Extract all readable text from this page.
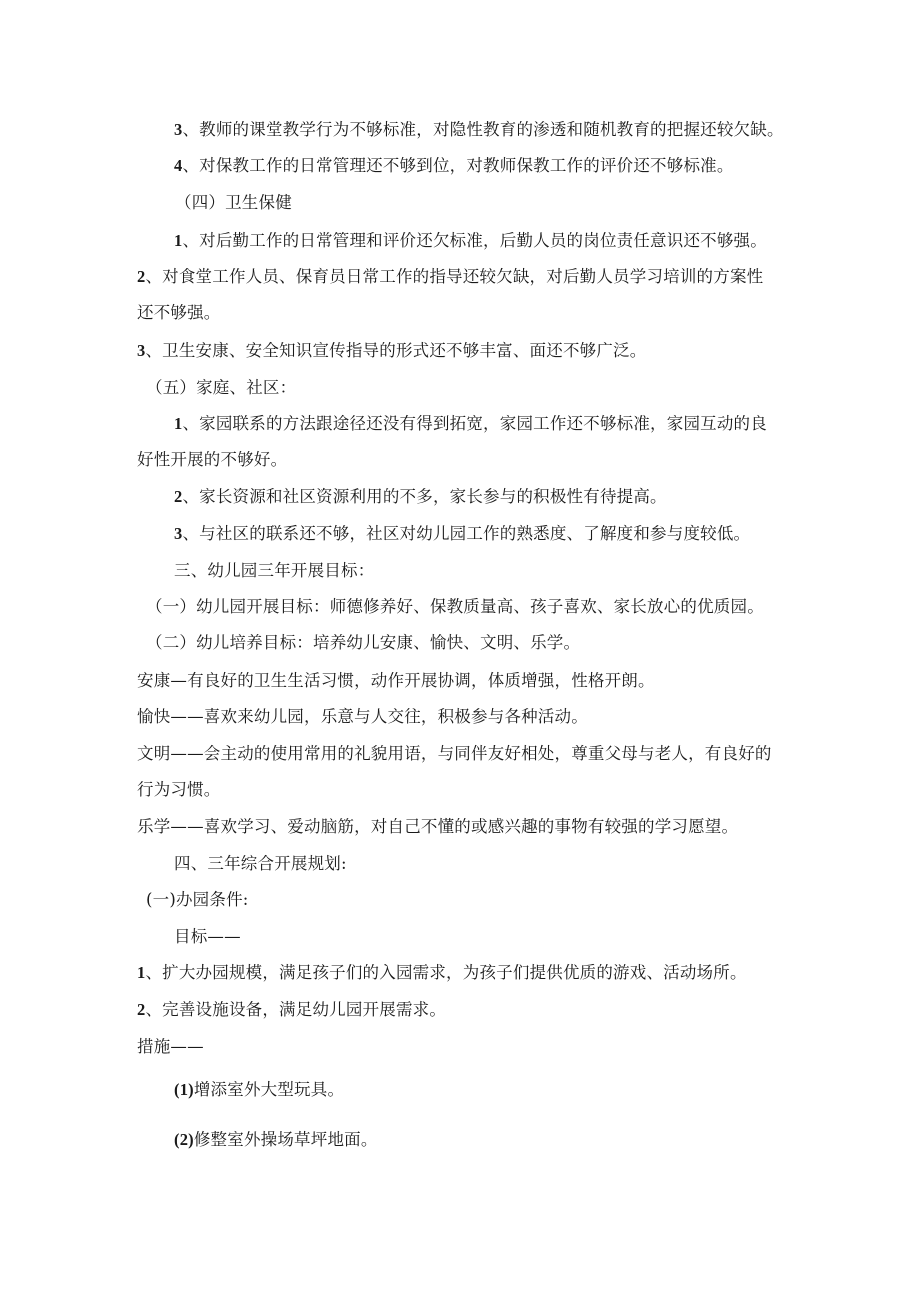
3、教师的课堂教学行为不够标准，对隐性教育的渗透和随机教育的把握还较欠缺。
4、对保教工作的日常管理还不够到位，对教师保教工作的评价还不够标准。
（四）卫生保健
1、对后勤工作的日常管理和评价还欠标准，后勤人员的岗位责任意识还不够强。
2、对食堂工作人员、保育员日常工作的指导还较欠缺，对后勤人员学习培训的方案性
还不够强。
3、卫生安康、安全知识宣传指导的形式还不够丰富、面还不够广泛。
（五）家庭、社区：
1、家园联系的方法跟途径还没有得到拓宽，家园工作还不够标准，家园互动的良
好性开展的不够好。
2、家长资源和社区资源利用的不多，家长参与的积极性有待提高。
3、与社区的联系还不够，社区对幼儿园工作的熟悉度、了解度和参与度较低。
三、幼儿园三年开展目标：
（一）幼儿园开展目标：师德修养好、保教质量高、孩子喜欢、家长放心的优质园。
（二）幼儿培养目标：培养幼儿安康、愉快、文明、乐学。
安康—有良好的卫生生活习惯，动作开展协调，体质增强，性格开朗。
愉快——喜欢来幼儿园，乐意与人交往，积极参与各种活动。
文明——会主动的使用常用的礼貌用语，与同伴友好相处，尊重父母与老人，有良好的
行为习惯。
乐学——喜欢学习、爱动脑筋，对自己不懂的或感兴趣的事物有较强的学习愿望。
四、三年综合开展规划:
(一)办园条件:
目标——
1、扩大办园规模，满足孩子们的入园需求，为孩子们提供优质的游戏、活动场所。
2、完善设施设备，满足幼儿园开展需求。
措施——
(1)增添室外大型玩具。
(2)修整室外操场草坪地面。
